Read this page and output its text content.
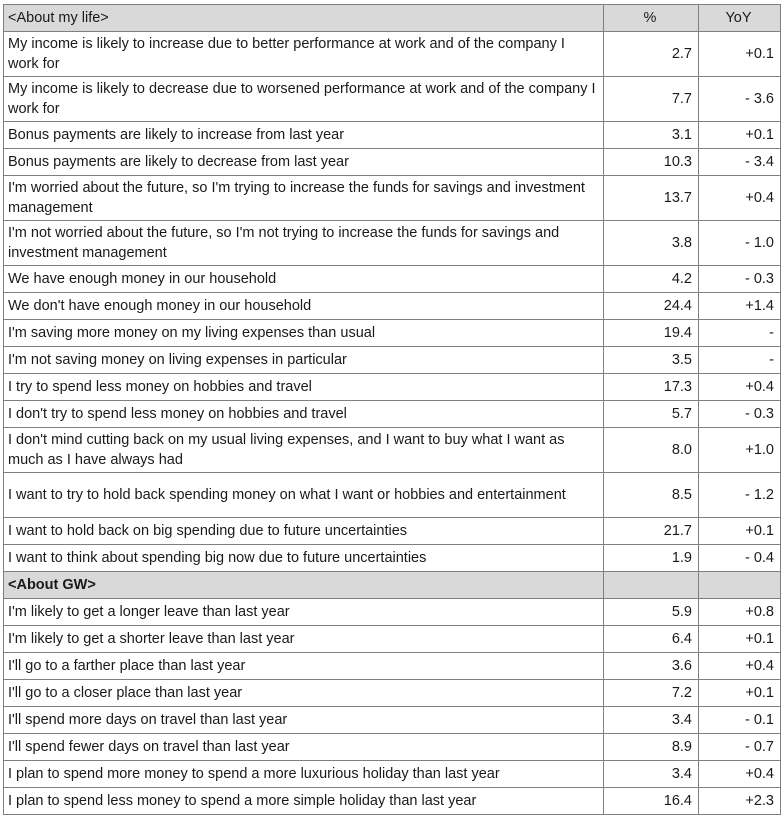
<About my life>	%	YoY
My income is likely to increase due to better performance at work and of the company I work for	2.7	+0.1
My income is likely to decrease due to worsened performance at work and of the company I work for	7.7	- 3.6
Bonus payments are likely to increase from last year	3.1	+0.1
Bonus payments are likely to decrease from last year	10.3	- 3.4
I'm worried about the future, so I'm trying to increase the funds for savings and investment management	13.7	+0.4
I'm not worried about the future, so I'm not trying to increase the funds for savings and investment management	3.8	- 1.0
We have enough money in our household	4.2	- 0.3
We don't have enough money in our household	24.4	+1.4
I'm saving more money on my living expenses than usual	19.4	-
I'm not saving money on living expenses in particular	3.5	-
I try to spend less money on hobbies and travel	17.3	+0.4
I don't try to spend less money on hobbies and travel	5.7	- 0.3
I don't mind cutting back on my usual living expenses, and I want to buy what I want as much as I have always had	8.0	+1.0
I want to try to hold back spending money on what I want or hobbies and entertainment	8.5	- 1.2
I want to hold back on big spending due to future uncertainties	21.7	+0.1
I want to think about spending big now due to future uncertainties	1.9	- 0.4
<About GW>		
I'm likely to get a longer leave than last year	5.9	+0.8
I'm likely to get a shorter leave than last year	6.4	+0.1
I'll go to a farther place than last year	3.6	+0.4
I'll go to a closer place than last year	7.2	+0.1
I'll spend more days on travel than last year	3.4	- 0.1
I'll spend fewer days on travel than last year	8.9	- 0.7
I plan to spend more money to spend a more luxurious holiday than last year	3.4	+0.4
I plan to spend less money to spend a more simple holiday than last year	16.4	+2.3
